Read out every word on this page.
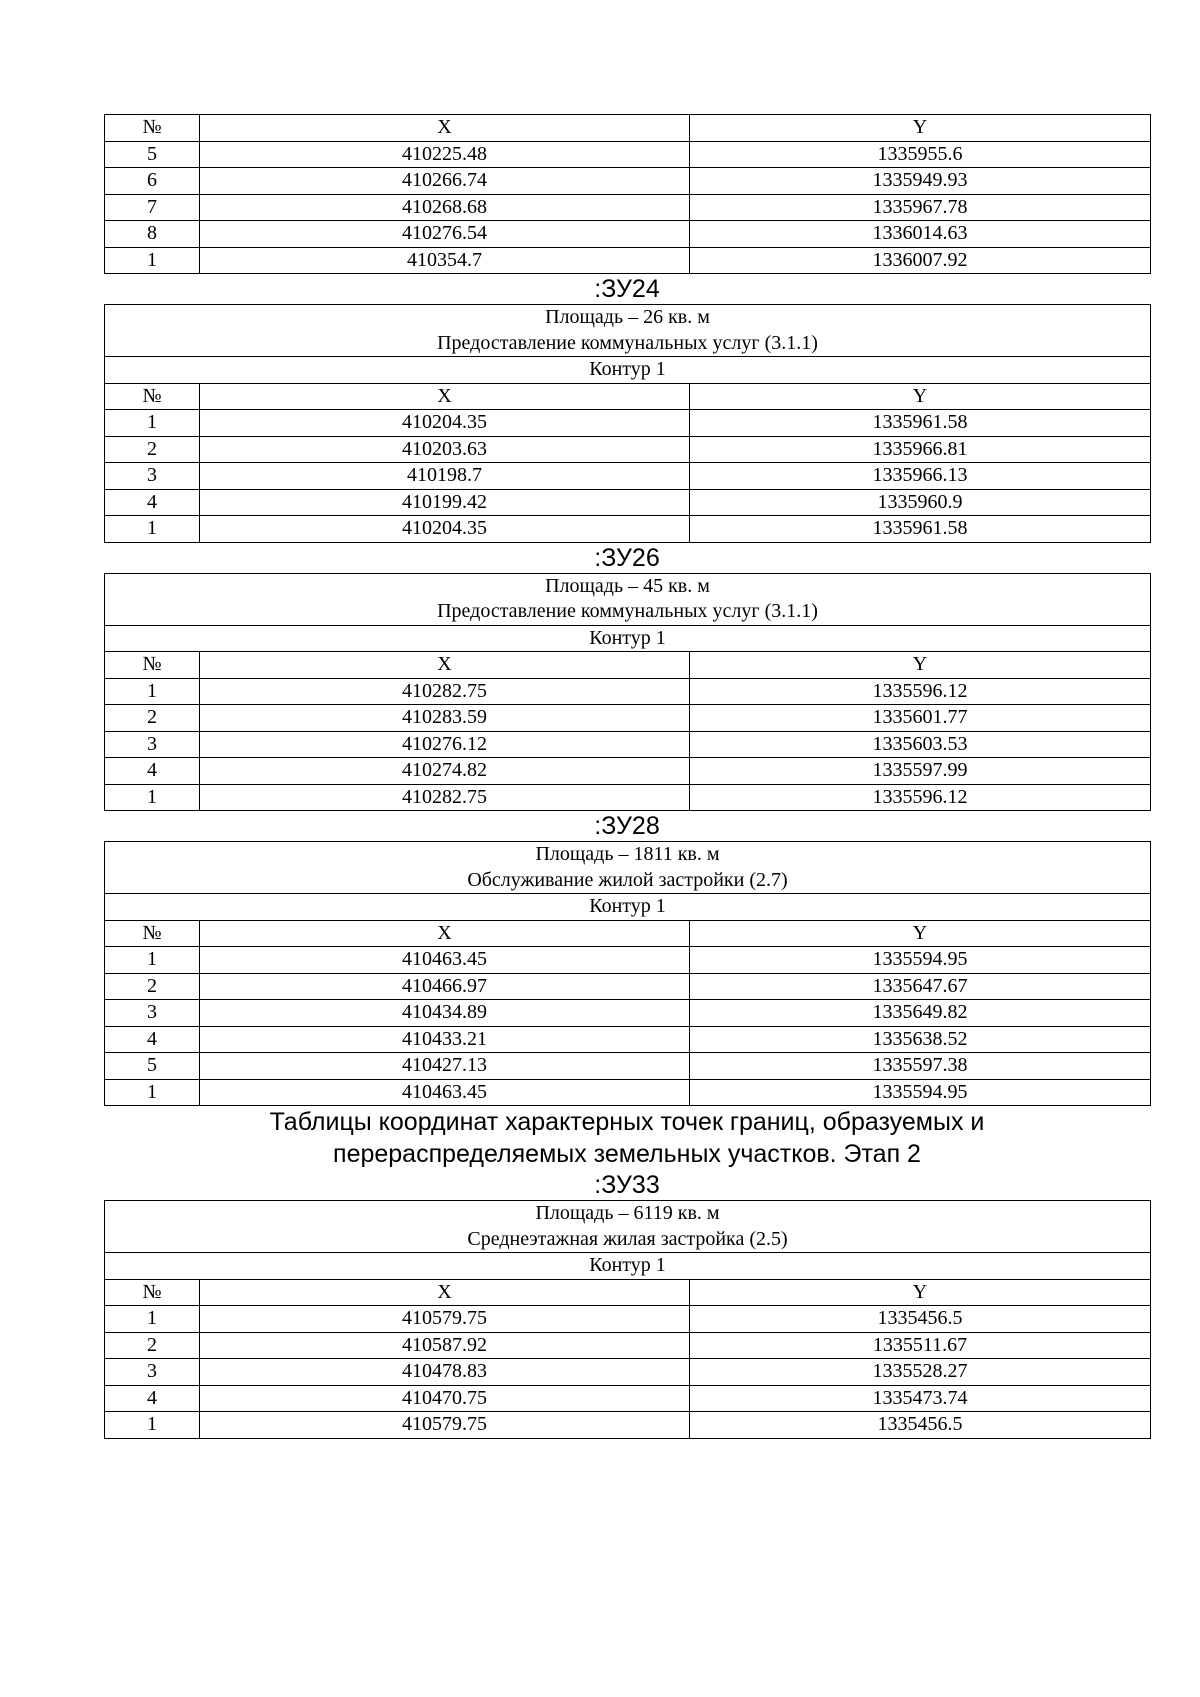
№	X	Y
5	410225.48	1335955.6
6	410266.74	1335949.93
7	410268.68	1335967.78
8	410276.54	1336014.63
1	410354.7	1336007.92
:ЗУ24
Площадь – 26 кв. м
Предоставление коммунальных услуг (3.1.1)		

Контур 1		
№	X	Y
1	410204.35	1335961.58
2	410203.63	1335966.81
3	410198.7	1335966.13
4	410199.42	1335960.9
1	410204.35	1335961.58
:ЗУ26
Площадь – 45 кв. м
Предоставление коммунальных услуг (3.1.1)		

Контур 1		
№	X	Y
1	410282.75	1335596.12
2	410283.59	1335601.77
3	410276.12	1335603.53
4	410274.82	1335597.99
1	410282.75	1335596.12
:ЗУ28
Площадь – 1811 кв. м
Обслуживание жилой застройки (2.7)		

Контур 1		
№	X	Y
1	410463.45	1335594.95
2	410466.97	1335647.67
3	410434.89	1335649.82
4	410433.21	1335638.52
5	410427.13	1335597.38
1	410463.45	1335594.95
Таблицы координат характерных точек границ, образуемых и
перераспределяемых земельных участков. Этап 2
:ЗУ33
Площадь – 6119 кв. м
Среднеэтажная жилая застройка (2.5)		

Контур 1		
№	X	Y
1	410579.75	1335456.5
2	410587.92	1335511.67
3	410478.83	1335528.27
4	410470.75	1335473.74
1	410579.75	1335456.5
